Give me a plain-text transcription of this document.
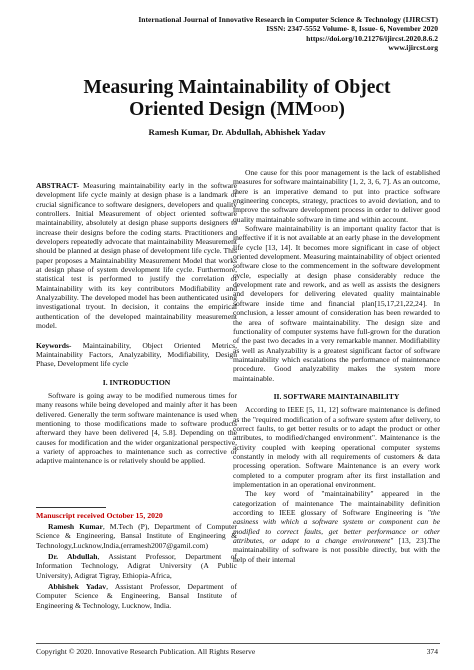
International Journal of Innovative Research in Computer Science & Technology (IJIRCST)
ISSN: 2347-5552 Volume- 8, Issue- 6, November 2020
https://doi.org/10.21276/ijircst.2020.8.6.2
www.ijircst.org
Measuring Maintainability of Object
Oriented Design $(MM^{OOD})$
Ramesh Kumar, Dr. Abdullah, Abhishek Yadav

ABSTRACT- Measuring maintainability early in the software development life cycle mainly at design phase is a landmark of crucial significance to software designers, developers and quality controllers. Initial Measurement of object oriented software maintainability, absolutely at design phase supports designers to increase their designs before the coding starts. Practitioners and developers repeatedly advocate that maintainability Measurement should be planned at design phase of development life cycle. This paper proposes a Maintainability Measurement Model that works at design phase of system development life cycle. Furthermore, statistical test is performed to justify the correlation of Maintainability with its key contributors Modifiability and Analyzability. The developed model has been authenticated using investigational tryout. In decision, it contains the empirical authentication of the developed maintainability measurement model.

Keywords- Maintainability, Object Oriented Metrics, Maintainability Factors, Analyzability, Modifiability, Design Phase, Development life cycle

I. INTRODUCTION

Software is going away to be modified numerous times for many reasons while being developed and mainly after it has been delivered. Generally the term software maintenance is used when mentioning to those modifications made to software products afterward they have been delivered [4, 5.8]. Depending on the causes for modification and the wider organizational perspective, a variety of approaches to maintenance such as corrective or adaptive maintenance is or relatively should be applied.

Manuscript received October 15, 2020

Ramesh Kumar, M.Tech (P), Department of Computer Science & Engineering, Bansal Institute of Engineering & Technology,Lucknow,India,(erramesh2007@gamil.com)

Dr. Abdullah, Assistant Professor, Department of Information Technology, Adigrat University (A Public University), Adigrat Tigray, Ethiopia-Africa,

Abhishek Yadav, Assistant Professor, Department of Computer Science & Engineering, Bansal Institute of Engineering & Technology, Lucknow, India.

One cause for this poor management is the lack of established measures for software maintainability [1, 2, 3, 6, 7]. As an outcome, there is an imperative demand to put into practice software engineering concepts, strategy, practices to avoid deviation, and to improve the software development process in order to deliver good quality maintainable software in time and within account.

Software maintainability is an important quality factor that is ineffective if it is not available at an early phase in the development life cycle [13, 14]. It becomes more significant in case of object oriented development. Measuring maintainability of object oriented software close to the commencement in the software development cycle, especially at design phase considerably reduce the development rate and rework, and as well as assists the designers and developers for delivering elevated quality maintainable software inside time and financial plan[15,17,21,22,24]. In conclusion, a lesser amount of consideration has been rewarded to the area of software maintainability. The design size and functionality of computer systems have full-grown for the duration of the past two decades in a very remarkable manner. Modifiability as well as Analyzability is a greatest significant factor of software maintainability which escalations the performance of maintenance procedure. Good analyzability makes the system more maintainable.

II. SOFTWARE MAINTAINABILITY

According to IEEE [5, 11, 12] software maintenance is defined as the "required modification of a software system after delivery, to correct faults, to get better results or to adapt the product or other attributes, to modified/changed environment". Maintenance is the activity coupled with keeping operational computer systems constantly in melody with all requirements of customers & data processing operation. Software Maintenance is an every work completed to a computer program after its first installation and implementation in an operational environment.

The key word of "maintainability" appeared in the categorization of maintenance The maintainability definition according to IEEE glossary of Software Engineering is "the easiness with which a software system or component can be modified to correct faults, get better performance or other attributes, or adapt to a change environment" [13, 23].The maintainability of software is not possible directly, but with the help of their internal

Copyright © 2020. Innovative Research Publication. All Rights Reserve	374
